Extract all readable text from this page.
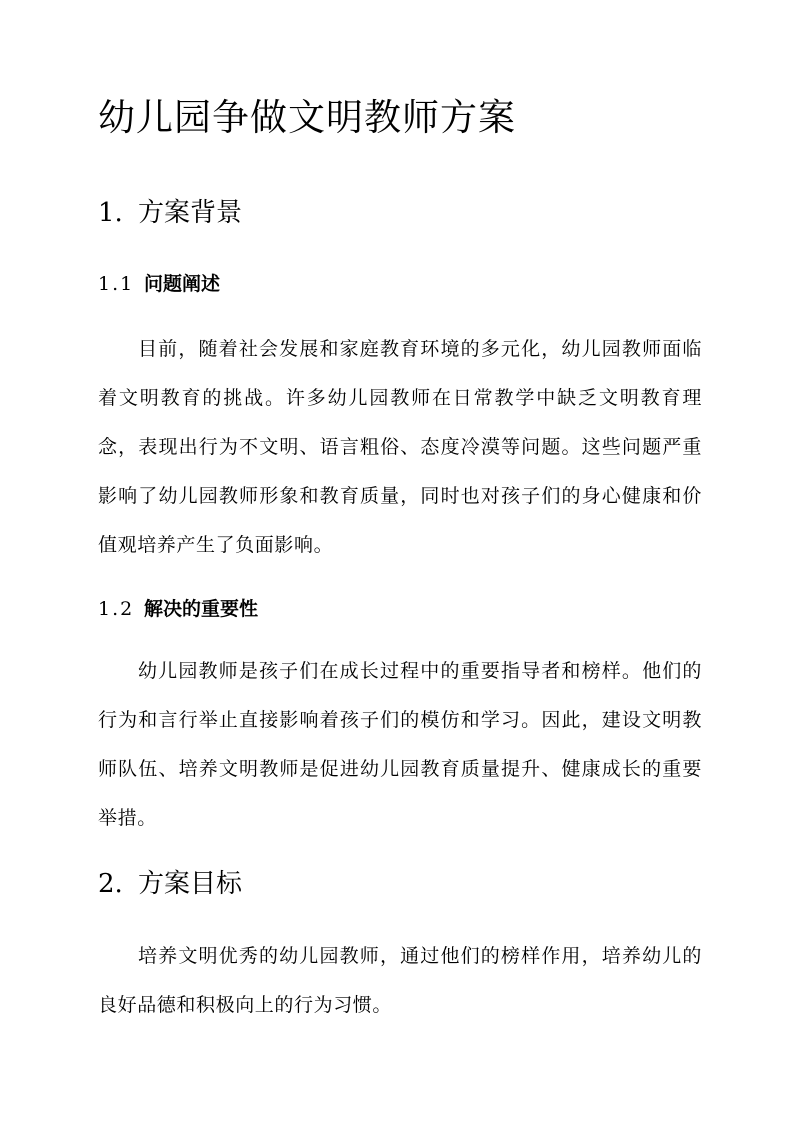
幼儿园争做文明教师方案
1. 方案背景
1.1 问题阐述

目前，随着社会发展和家庭教育环境的多元化，幼儿园教师面临着文明教育的挑战。许多幼儿园教师在日常教学中缺乏文明教育理念，表现出行为不文明、语言粗俗、态度冷漠等问题。这些问题严重影响了幼儿园教师形象和教育质量，同时也对孩子们的身心健康和价值观培养产生了负面影响。

1.2 解决的重要性

幼儿园教师是孩子们在成长过程中的重要指导者和榜样。他们的行为和言行举止直接影响着孩子们的模仿和学习。因此，建设文明教师队伍、培养文明教师是促进幼儿园教育质量提升、健康成长的重要举措。

2. 方案目标

培养文明优秀的幼儿园教师，通过他们的榜样作用，培养幼儿的良好品德和积极向上的行为习惯。
